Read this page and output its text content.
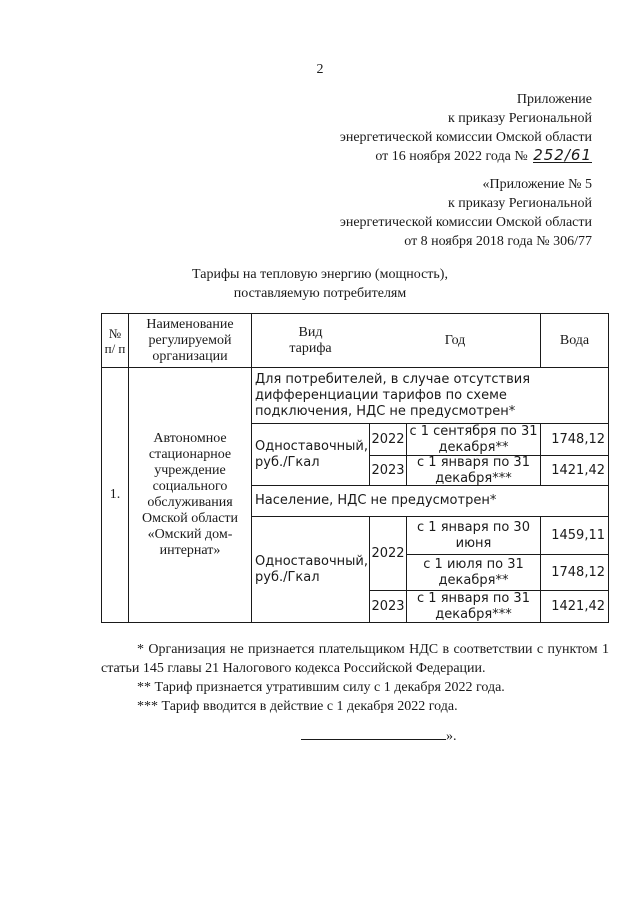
2
Приложение
к приказу Региональной
энергетической комиссии Омской области
от 16 ноября 2022 года № 252/61
«Приложение № 5
к приказу Региональной
энергетической комиссии Омской области
от 8 ноября 2018 года № 306/77
Тарифы на тепловую энергию (мощность),
поставляемую потребителям
№ п/ п
Наименование регулируемой организации
Вид тарифа
Год	Вода
1.
Автономное стационарное учреждение социального обслуживания Омской области «Омский дом-интернат»
Для потребителей, в случае отсутствия дифференциации тарифов по схеме подключения, НДС не предусмотрен*
Одноставочный, руб./Гкал
2022
с 1 сентября по 31 декабря**
1748,12
2023
с 1 января по 31 декабря***
1421,42
Население, НДС не предусмотрен*
Одноставочный, руб./Гкал
2022
2023
с 1 января по 30 июня
1459,11
с 1 июля по 31 декабря**
1748,12
с 1 января по 31 декабря***
1421,42

* Организация не признается плательщиком НДС в соответствии с пунктом 1 статьи 145 главы 21 Налогового кодекса Российской Федерации.

** Тариф признается утратившим силу с 1 декабря 2022 года.

*** Тариф вводится в действие с 1 декабря 2022 года.

».
